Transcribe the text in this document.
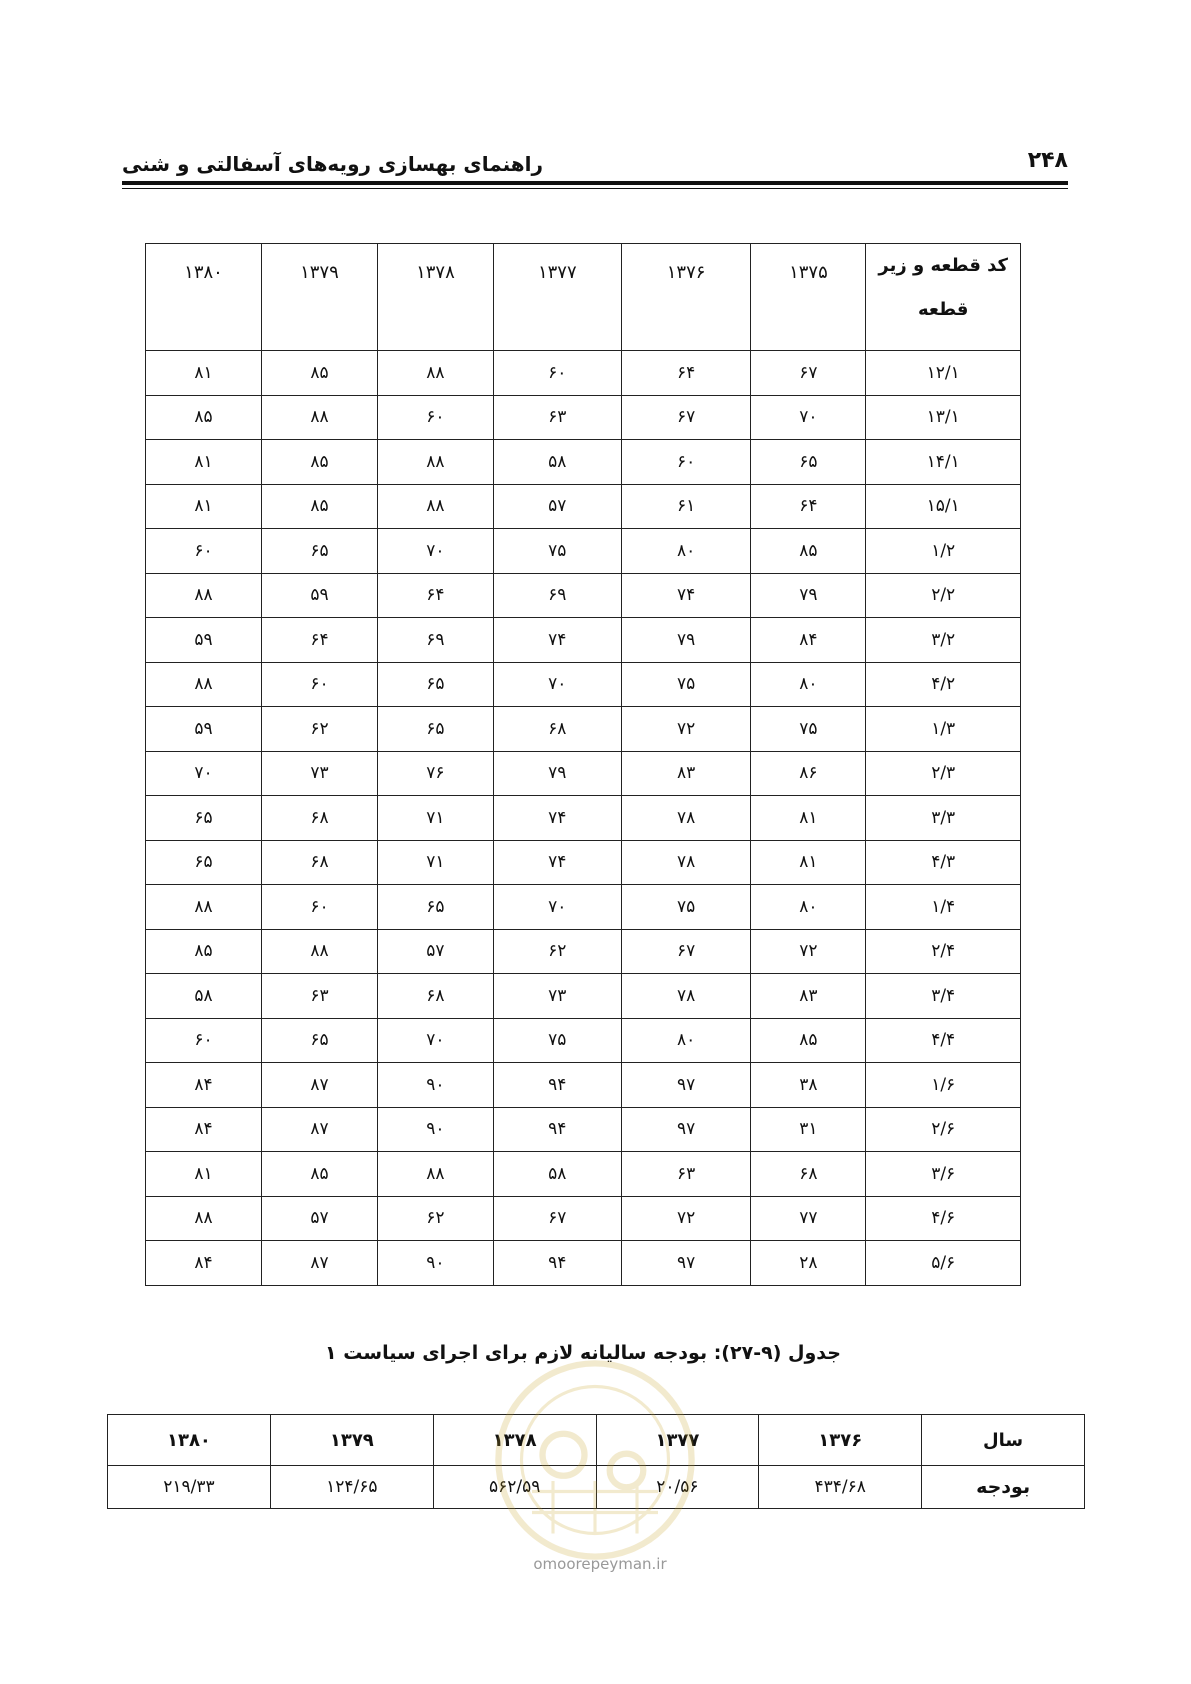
۲۴۸
راهنمای بهسازی رویه‌های آسفالتی و شنی
کد قطعه و زیر قطعه	۱۳۷۵	۱۳۷۶	۱۳۷۷	۱۳۷۸	۱۳۷۹	۱۳۸۰
۱۲/۱	۶۷	۶۴	۶۰	۸۸	۸۵	۸۱
۱۳/۱	۷۰	۶۷	۶۳	۶۰	۸۸	۸۵
۱۴/۱	۶۵	۶۰	۵۸	۸۸	۸۵	۸۱
۱۵/۱	۶۴	۶۱	۵۷	۸۸	۸۵	۸۱
۱/۲	۸۵	۸۰	۷۵	۷۰	۶۵	۶۰
۲/۲	۷۹	۷۴	۶۹	۶۴	۵۹	۸۸
۳/۲	۸۴	۷۹	۷۴	۶۹	۶۴	۵۹
۴/۲	۸۰	۷۵	۷۰	۶۵	۶۰	۸۸
۱/۳	۷۵	۷۲	۶۸	۶۵	۶۲	۵۹
۲/۳	۸۶	۸۳	۷۹	۷۶	۷۳	۷۰
۳/۳	۸۱	۷۸	۷۴	۷۱	۶۸	۶۵
۴/۳	۸۱	۷۸	۷۴	۷۱	۶۸	۶۵
۱/۴	۸۰	۷۵	۷۰	۶۵	۶۰	۸۸
۲/۴	۷۲	۶۷	۶۲	۵۷	۸۸	۸۵
۳/۴	۸۳	۷۸	۷۳	۶۸	۶۳	۵۸
۴/۴	۸۵	۸۰	۷۵	۷۰	۶۵	۶۰
۱/۶	۳۸	۹۷	۹۴	۹۰	۸۷	۸۴
۲/۶	۳۱	۹۷	۹۴	۹۰	۸۷	۸۴
۳/۶	۶۸	۶۳	۵۸	۸۸	۸۵	۸۱
۴/۶	۷۷	۷۲	۶۷	۶۲	۵۷	۸۸
۵/۶	۲۸	۹۷	۹۴	۹۰	۸۷	۸۴
جدول (۹-۲۷): بودجه سالیانه لازم برای اجرای سیاست ۱
سال	۱۳۷۶	۱۳۷۷	۱۳۷۸	۱۳۷۹	۱۳۸۰
بودجه	۴۳۴/۶۸	۲۰/۵۶	۵۶۲/۵۹	۱۲۴/۶۵	۲۱۹/۳۳
omoorepeyman.ir
